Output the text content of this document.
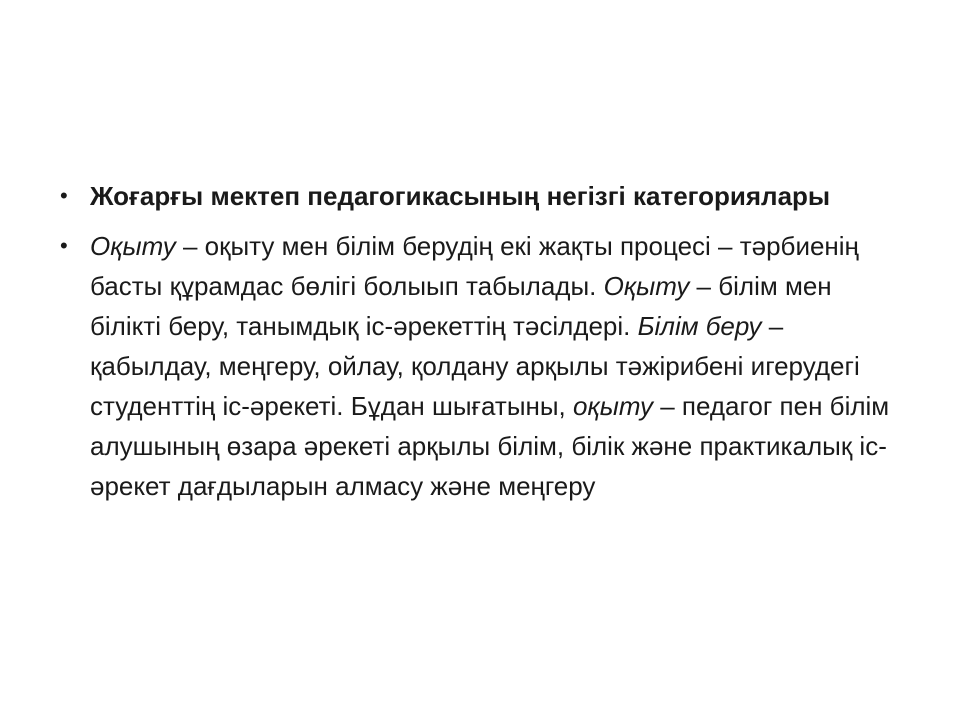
• Жоғарғы мектеп педагогикасының негізгі категориялары
• Оқыту – оқыту мен білім берудің екі жақты процесі – тәрбиенің басты құрамдас бөлігі болыып табылады. Оқыту – білім мен білікті беру, танымдық іс-әрекеттің тәсілдері. Білім беру – қабылдау, меңгеру, ойлау, қолдану арқылы тәжірибені игерудегі студенттің іс-әрекеті. Бұдан шығатыны, оқыту – педагог пен білім алушының өзара әрекеті арқылы білім, білік және практикалық іс-әрекет дағдыларын алмасу және меңгеру
